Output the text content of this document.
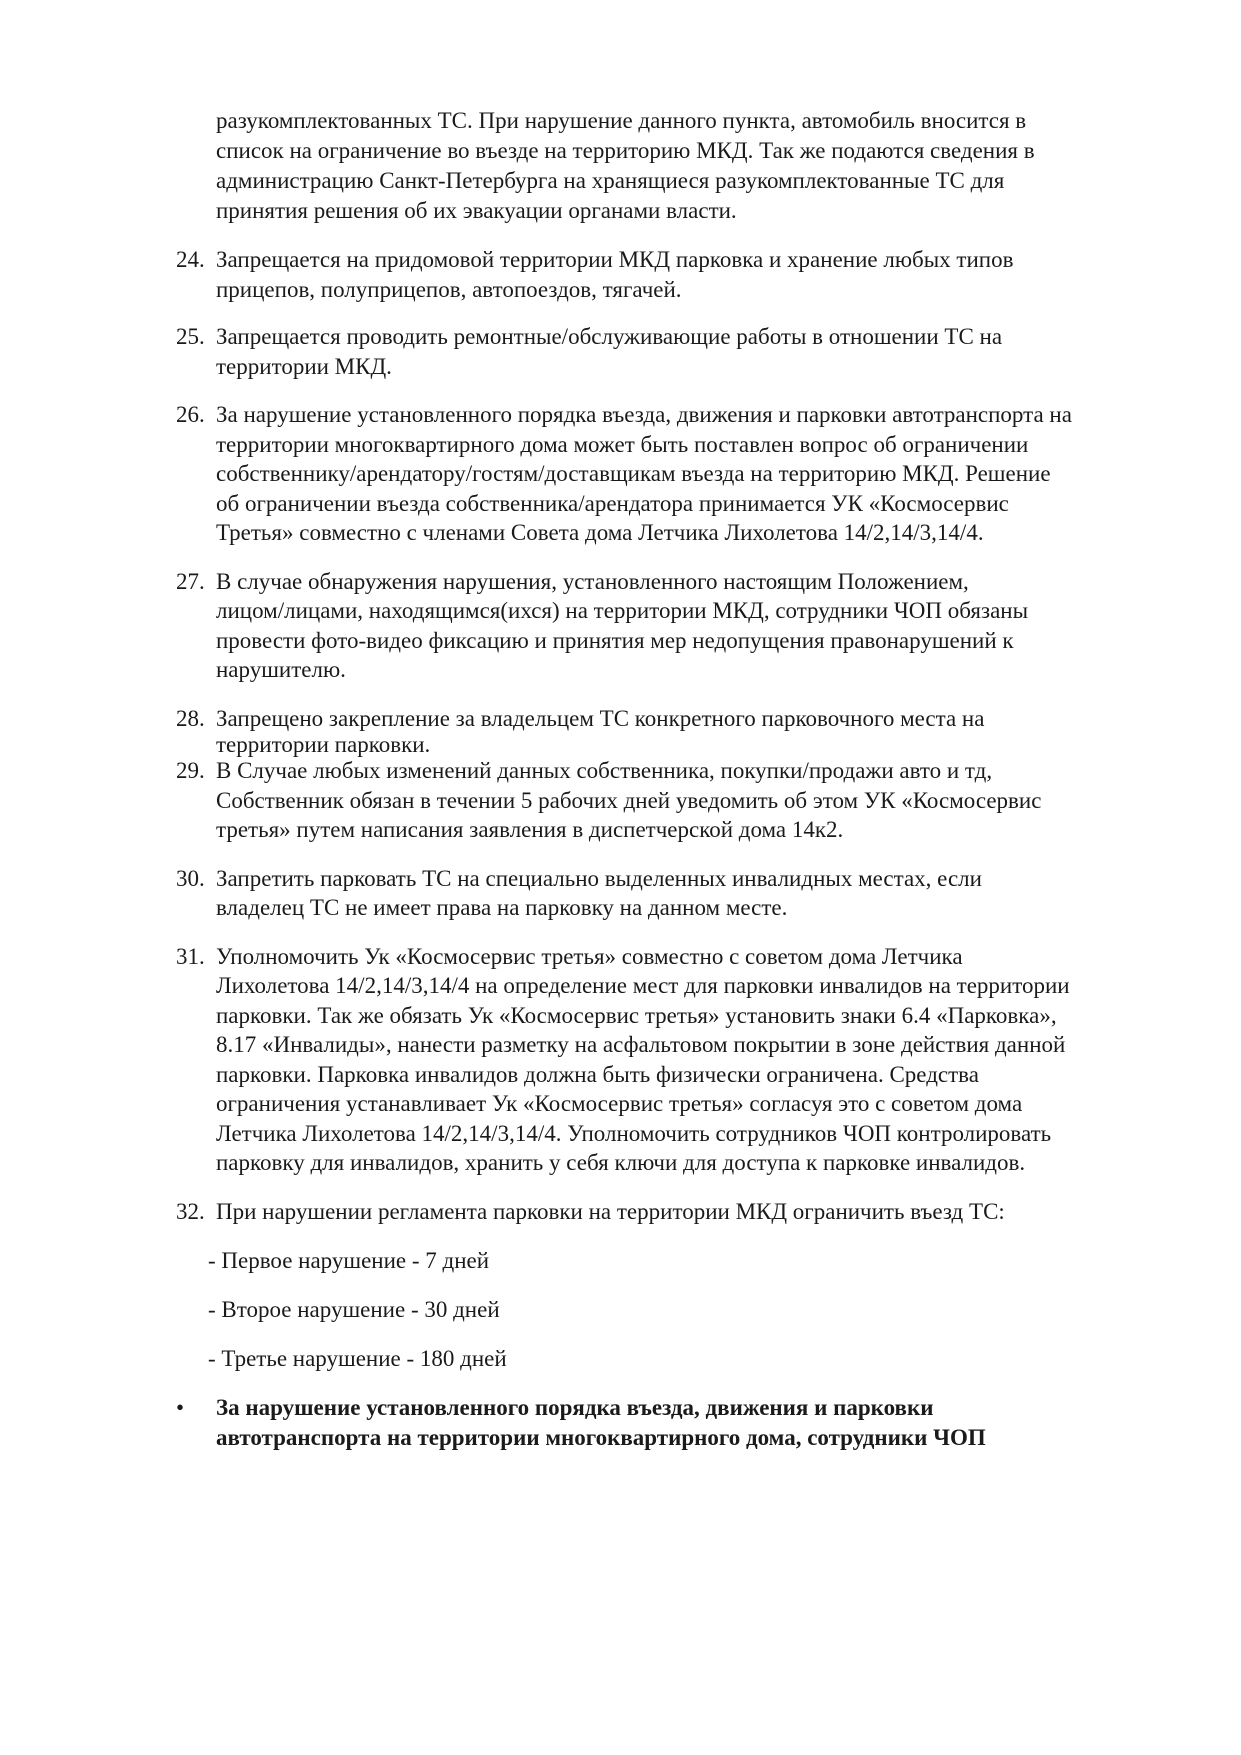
разукомплектованных ТС. При нарушение данного пункта, автомобиль вносится в
список на ограничение во въезде на территорию МКД. Так же подаются сведения в
администрацию Санкт-Петербурга на хранящиеся разукомплектованные ТС для
принятия решения об их эвакуации органами власти.
24. Запрещается на придомовой территории МКД парковка и хранение любых типов
прицепов, полуприцепов, автопоездов, тягачей.
25. Запрещается проводить ремонтные/обслуживающие работы в отношении ТС на
территории МКД.
26. За нарушение установленного порядка въезда, движения и парковки автотранспорта на
территории многоквартирного дома может быть поставлен вопрос об ограничении
собственнику/арендатору/гостям/доставщикам въезда на территорию МКД. Решение
об ограничении въезда собственника/арендатора принимается УК «Космосервис
Третья» совместно с членами Совета дома Летчика Лихолетова 14/2,14/3,14/4.
27. В случае обнаружения нарушения, установленного настоящим Положением,
лицом/лицами, находящимся(ихся) на территории МКД, сотрудники ЧОП обязаны
провести фото-видео фиксацию и принятия мер недопущения правонарушений к
нарушителю.
28. Запрещено закрепление за владельцем ТС конкретного парковочного места на
территории парковки.
29. В Случае любых изменений данных собственника, покупки/продажи авто и тд,
Собственник обязан в течении 5 рабочих дней уведомить об этом УК «Космосервис
третья» путем написания заявления в диспетчерской дома 14к2.
30. Запретить парковать ТС на специально выделенных инвалидных местах, если
владелец ТС не имеет права на парковку на данном месте.
31. Уполномочить Ук «Космосервис третья» совместно с советом дома Летчика
Лихолетова 14/2,14/3,14/4 на определение мест для парковки инвалидов на территории
парковки. Так же обязать Ук «Космосервис третья» установить знаки 6.4 «Парковка»,
8.17 «Инвалиды», нанести разметку на асфальтовом покрытии в зоне действия данной
парковки. Парковка инвалидов должна быть физически ограничена. Средства
ограничения устанавливает Ук «Космосервис третья» согласуя это с советом дома
Летчика Лихолетова 14/2,14/3,14/4. Уполномочить сотрудников ЧОП контролировать
парковку для инвалидов, хранить у себя ключи для доступа к парковке инвалидов.
32. При нарушении регламента парковки на территории МКД ограничить въезд ТС:
- Первое нарушение - 7 дней
- Второе нарушение - 30 дней
- Третье нарушение - 180 дней
• За нарушение установленного порядка въезда, движения и парковки
автотранспорта на территории многоквартирного дома, сотрудники ЧОП
